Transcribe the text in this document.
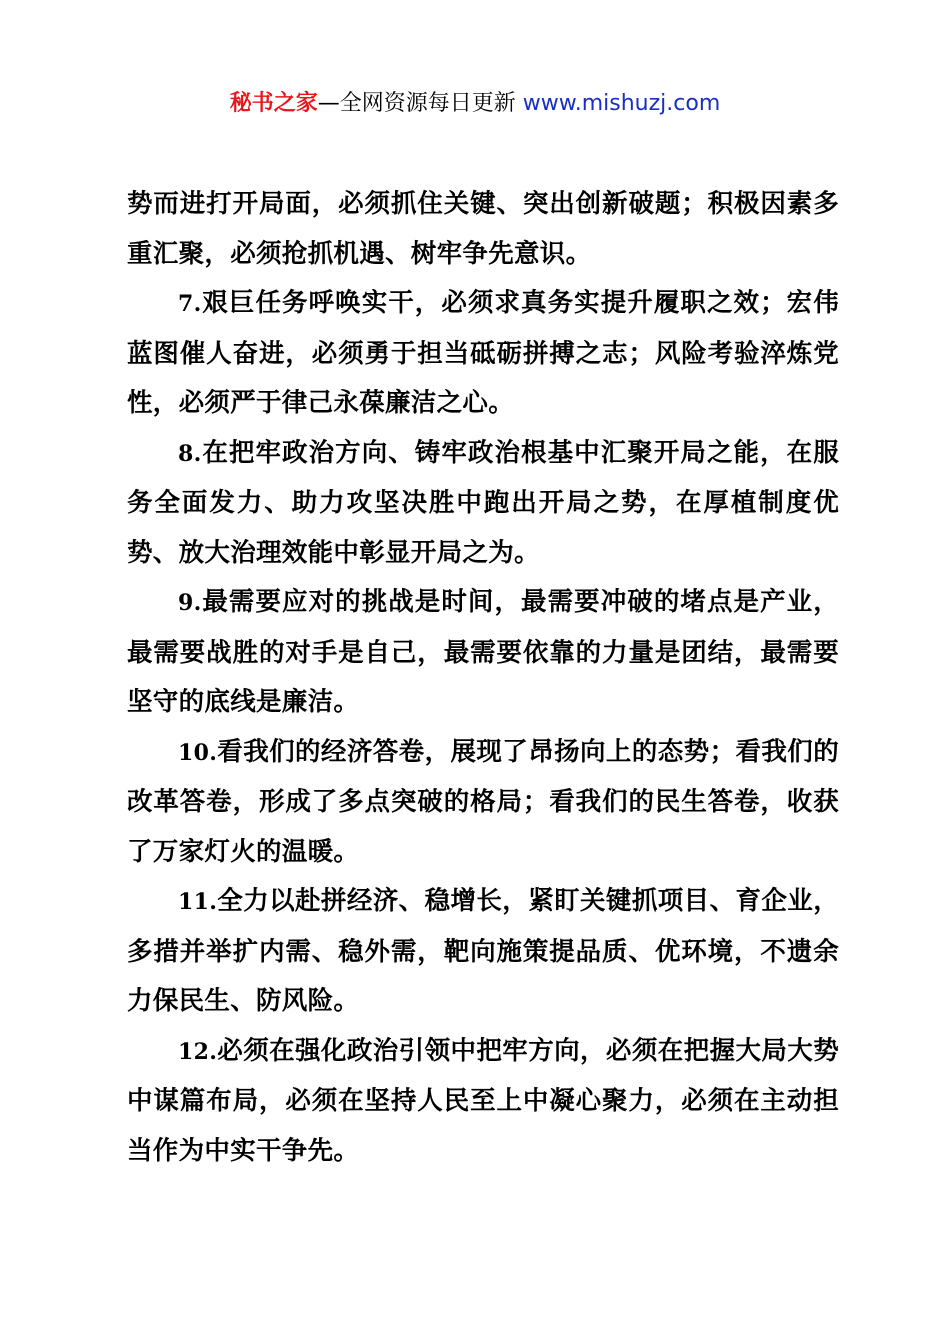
秘书之家—全网资源每日更新 www.mishuzj.com

势而进打开局面，必须抓住关键、突出创新破题；积极因素多重汇聚，必须抢抓机遇、树牢争先意识。

7.艰巨任务呼唤实干，必须求真务实提升履职之效；宏伟蓝图催人奋进，必须勇于担当砥砺拼搏之志；风险考验淬炼党性，必须严于律己永葆廉洁之心。

8.在把牢政治方向、铸牢政治根基中汇聚开局之能，在服务全面发力、助力攻坚决胜中跑出开局之势，在厚植制度优势、放大治理效能中彰显开局之为。

9.最需要应对的挑战是时间，最需要冲破的堵点是产业，最需要战胜的对手是自己，最需要依靠的力量是团结，最需要坚守的底线是廉洁。

10.看我们的经济答卷，展现了昂扬向上的态势；看我们的改革答卷，形成了多点突破的格局；看我们的民生答卷，收获了万家灯火的温暖。

11.全力以赴拼经济、稳增长，紧盯关键抓项目、育企业，多措并举扩内需、稳外需，靶向施策提品质、优环境，不遗余力保民生、防风险。

12.必须在强化政治引领中把牢方向，必须在把握大局大势中谋篇布局，必须在坚持人民至上中凝心聚力，必须在主动担当作为中实干争先。
